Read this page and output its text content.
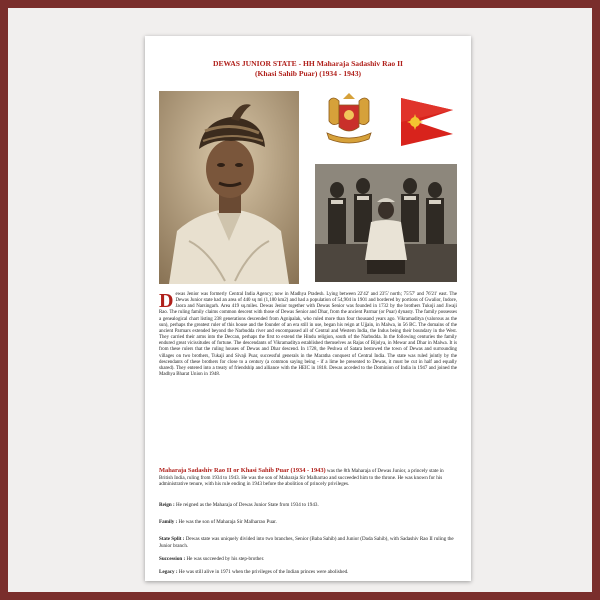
DEWAS JUNIOR STATE - HH Maharaja Sadashiv Rao II
(Khasi Sahib Puar) (1934 - 1943)

Dewas Jenior was formerly Central India Agency; now in Madhya Pradesh. Lying between 22'42' and 23'5' north; 75'57' and 76'21' east. The Dewas Junior state had an area of 440 sq mi (1,100 km2) and had a population of 54,904 in 1901 and bordered by portions of Gwalior, Indore, Jaora and Narsingarh. Area 419 sq.miles. Dewas Jenior together with Dewas Senior was founded in 1732 by the brothers Tukoji and Jiwaji Rao. The ruling family claims common descent with those of Dewas Senior and Dhar, from the ancient Parmar (or Puar) dynasty. The family possesses a genealogical chart listing 238 generations descended from Agnipalak, who ruled more than four thousand years ago. Vikramaditya (valorous as the sun), perhaps the greatest ruler of this house and the founder of an era still in use, began his reign at Ujjain, in Malwa, in 56 BC. The domains of the ancient Parmars extended beyond the Narbudda river and encompassed all of Central and Western India, the Indus being their boundary in the West. They carried their arms into the Deccan, perhaps the first to extend the Hindu religion, south of the Narbudda. In the following centuries the family endured great vicissitudes of fortune. The descendants of Vikramaditya established themselves as Rajas of Bijolya, in Mewar and Dhar in Malwa. It is from these rulers that the ruling houses of Dewas and Dhar descend. In 1728, the Peshwa of Satara bestowed the town of Dewas and surrounding villages on two brothers, Tukaji and Sivaji Puar, successful generals in the Maratha conquest of Central India. The state was ruled jointly by the descendants of these brothers for close to a century (a common saying being - if a lime be presented to Dewas, it must be cut in half and equally shared). They entered into a treaty of friendship and alliance with the HEIC in 1818. Dewas acceded to the Dominion of India in 1947 and joined the Madhya Bharat Union in 1948.

Maharaja Sadashiv Rao II or Khasi Sahib Puar (1934 - 1943) was the 8th Maharaja of Dewas Junior, a princely state in British India, ruling from 1934 to 1943. He was the son of Maharaja Sir Malharrao and succeeded him to the throne. He was known for his administrative tenure, with his rule ending in 1943 before the abolition of princely privileges.

Reign : He reigned as the Maharaja of Dewas Junior State from 1934 to 1943.

Family : He was the son of Maharaja Sir Malharrao Puar.

State Split : Dewas state was uniquely divided into two branches, Senior (Baba Sahib) and Junior (Dada Sahib), with Sadashiv Rao II ruling the Junior branch.

Succession : He was succeeded by his step-brother.

Legacy : He was still alive in 1971 when the privileges of the Indian princes were abolished.
